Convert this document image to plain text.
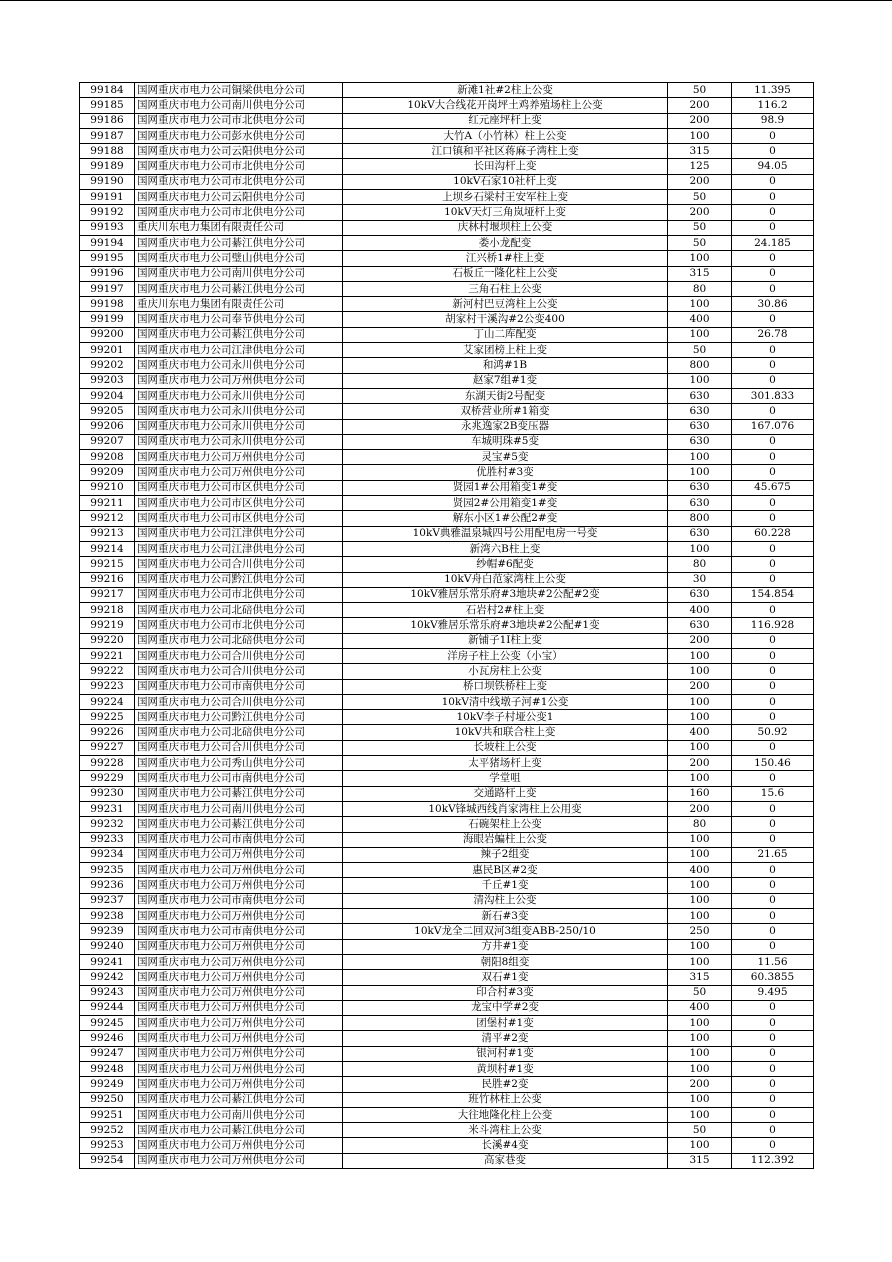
99184	国网重庆市电力公司铜梁供电分公司	新滩1社#2柱上公变	50	11.395
99185	国网重庆市电力公司南川供电分公司	10kV大合线花开岗坪土鸡养殖场柱上公变	200	116.2
99186	国网重庆市电力公司市北供电分公司	红元座坪杆上变	200	98.9
99187	国网重庆市电力公司彭水供电分公司	大竹A（小竹林）柱上公变	100	0
99188	国网重庆市电力公司云阳供电分公司	江口镇和平社区蒋麻子湾柱上变	315	0
99189	国网重庆市电力公司市北供电分公司	长田沟杆上变	125	94.05
99190	国网重庆市电力公司市北供电分公司	10kV石家10社杆上变	200	0
99191	国网重庆市电力公司云阳供电分公司	上坝乡石梁村王安军柱上变	50	0
99192	国网重庆市电力公司市北供电分公司	10kV天灯三角岚垭杆上变	200	0
99193	重庆川东电力集团有限责任公司	庆林村堰坝柱上公变	50	0
99194	国网重庆市电力公司綦江供电分公司	娄小龙配变	50	24.185
99195	国网重庆市电力公司璧山供电分公司	江兴桥1#柱上变	100	0
99196	国网重庆市电力公司南川供电分公司	石板丘一隆化柱上公变	315	0
99197	国网重庆市电力公司綦江供电分公司	三角石柱上公变	80	0
99198	重庆川东电力集团有限责任公司	新河村巴豆湾柱上公变	100	30.86
99199	国网重庆市电力公司奉节供电分公司	胡家村干溪沟#2公变400	400	0
99200	国网重庆市电力公司綦江供电分公司	丁山二库配变	100	26.78
99201	国网重庆市电力公司江津供电分公司	艾家团榜上柱上变	50	0
99202	国网重庆市电力公司永川供电分公司	和鸿#1B	800	0
99203	国网重庆市电力公司万州供电分公司	赵家7组#1变	100	0
99204	国网重庆市电力公司永川供电分公司	东湖天街2号配变	630	301.833
99205	国网重庆市电力公司永川供电分公司	双桥营业所#1箱变	630	0
99206	国网重庆市电力公司永川供电分公司	永兆逸家2B变压器	630	167.076
99207	国网重庆市电力公司永川供电分公司	车城明珠#5变	630	0
99208	国网重庆市电力公司万州供电分公司	灵宝#5变	100	0
99209	国网重庆市电力公司万州供电分公司	优胜村#3变	100	0
99210	国网重庆市电力公司市区供电分公司	贤园1#公用箱变1#变	630	45.675
99211	国网重庆市电力公司市区供电分公司	贤园2#公用箱变1#变	630	0
99212	国网重庆市电力公司市区供电分公司	解东小区1#公配2#变	800	0
99213	国网重庆市电力公司江津供电分公司	10kV典雅温泉城四号公用配电房一号变	630	60.228
99214	国网重庆市电力公司江津供电分公司	新湾六B柱上变	100	0
99215	国网重庆市电力公司合川供电分公司	纱帽#6配变	80	0
99216	国网重庆市电力公司黔江供电分公司	10kV舟白范家湾柱上公变	30	0
99217	国网重庆市电力公司市北供电分公司	10kV雅居乐常乐府#3地块#2公配#2变	630	154.854
99218	国网重庆市电力公司北碚供电分公司	石岩村2#柱上变	400	0
99219	国网重庆市电力公司市北供电分公司	10kV雅居乐常乐府#3地块#2公配#1变	630	116.928
99220	国网重庆市电力公司北碚供电分公司	新铺子1I柱上变	200	0
99221	国网重庆市电力公司合川供电分公司	洋房子柱上公变（小宝）	100	0
99222	国网重庆市电力公司合川供电分公司	小瓦房柱上公变	100	0
99223	国网重庆市电力公司市南供电分公司	桥口坝铁桥柱上变	200	0
99224	国网重庆市电力公司合川供电分公司	10kV清中线墩子河#1公变	100	0
99225	国网重庆市电力公司黔江供电分公司	10kV李子村垭公变1	100	0
99226	国网重庆市电力公司北碚供电分公司	10kV共和联合柱上变	400	50.92
99227	国网重庆市电力公司合川供电分公司	长坡柱上公变	100	0
99228	国网重庆市电力公司秀山供电分公司	太平猪场杆上变	200	150.46
99229	国网重庆市电力公司市南供电分公司	学堂咀	100	0
99230	国网重庆市电力公司綦江供电分公司	交通路杆上变	160	15.6
99231	国网重庆市电力公司南川供电分公司	10kV锋城西线肖家湾柱上公用变	200	0
99232	国网重庆市电力公司綦江供电分公司	石碗架柱上公变	80	0
99233	国网重庆市电力公司市南供电分公司	海眼岩蝙柱上公变	100	0
99234	国网重庆市电力公司万州供电分公司	辣子2组变	100	21.65
99235	国网重庆市电力公司万州供电分公司	惠民B区#2变	400	0
99236	国网重庆市电力公司万州供电分公司	千丘#1变	100	0
99237	国网重庆市电力公司市南供电分公司	清沟柱上公变	100	0
99238	国网重庆市电力公司万州供电分公司	新石#3变	100	0
99239	国网重庆市电力公司市南供电分公司	10kV龙全二回双河3组变ABB-250/10	250	0
99240	国网重庆市电力公司万州供电分公司	方井#1变	100	0
99241	国网重庆市电力公司万州供电分公司	朝阳8组变	100	11.56
99242	国网重庆市电力公司万州供电分公司	双石#1变	315	60.3855
99243	国网重庆市电力公司万州供电分公司	印合村#3变	50	9.495
99244	国网重庆市电力公司万州供电分公司	龙宝中学#2变	400	0
99245	国网重庆市电力公司万州供电分公司	团堡村#1变	100	0
99246	国网重庆市电力公司万州供电分公司	清平#2变	100	0
99247	国网重庆市电力公司万州供电分公司	银河村#1变	100	0
99248	国网重庆市电力公司万州供电分公司	黄坝村#1变	100	0
99249	国网重庆市电力公司万州供电分公司	民胜#2变	200	0
99250	国网重庆市电力公司綦江供电分公司	班竹林柱上公变	100	0
99251	国网重庆市电力公司南川供电分公司	大往地隆化柱上公变	100	0
99252	国网重庆市电力公司綦江供电分公司	米斗湾柱上公变	50	0
99253	国网重庆市电力公司万州供电分公司	长溪#4变	100	0
99254	国网重庆市电力公司万州供电分公司	高家巷变	315	112.392
